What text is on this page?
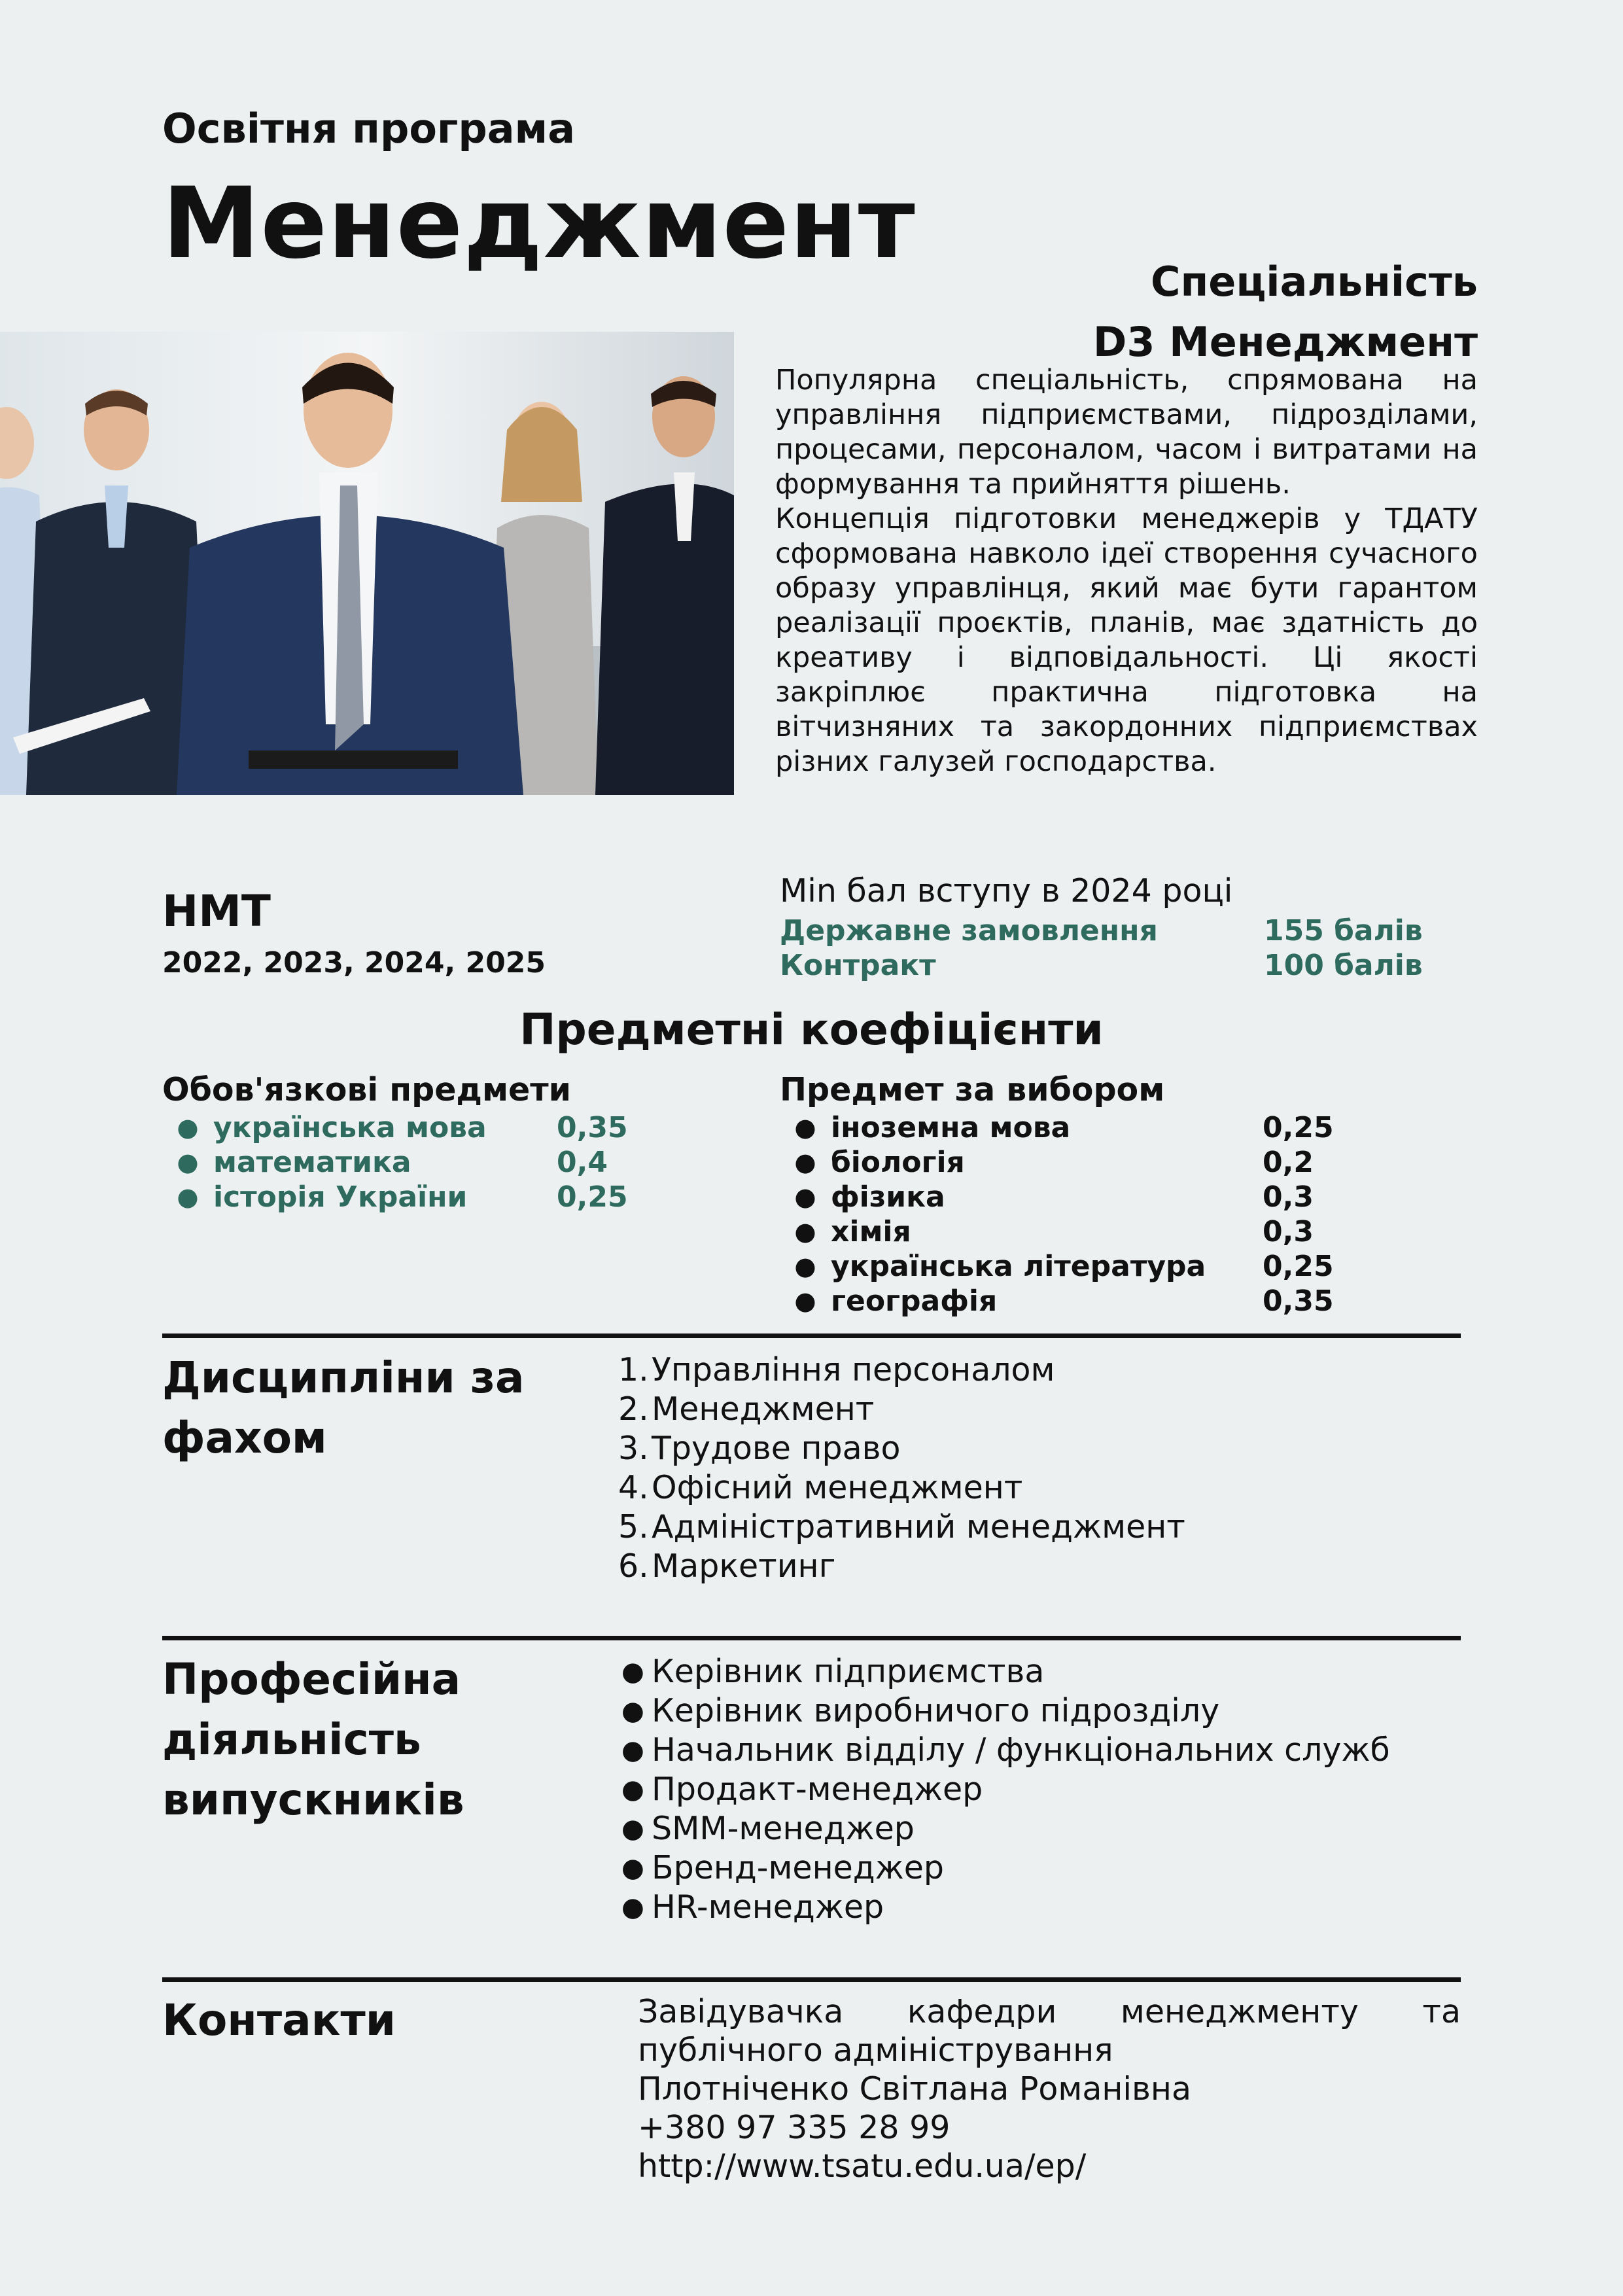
Освітня програма
Менеджмент
Спеціальність
D3 Менеджмент

Популярна спеціальність, спрямована на управління підприємствами, підрозділами, процесами, персоналом, часом і витратами на формування та прийняття рішень.

Концепція підготовки менеджерів у ТДАТУ сформована навколо ідеї створення сучасного образу управлінця, який має бути гарантом реалізації проєктів, планів, має здатність до креативу і відповідальності. Ці якості закріплює практична підготовка на вітчизняних та закордонних підприємствах різних галузей господарства.

НМТ
2022, 2023, 2024, 2025
Min бал вступу в 2024 році
Державне замовлення	155 балів
Контракт	100 балів
Предметні коефіцієнти
Обов'язкові предмети
● українська мова	0,35
● математика	0,4
● історія України	0,25
Предмет за вибором
● іноземна мова	0,25
● біологія	0,2
● фізика	0,3
● хімія	0,3
● українська література	0,25
● географія	0,35
Дисципліни за
фахом
1. Управління персоналом
2. Менеджмент
3. Трудове право
4. Офісний менеджмент
5. Адміністративний менеджмент
6. Маркетинг
Професійна
діяльність
випускників
● Керівник підприємства
● Керівник виробничого підрозділу
● Начальник відділу / функціональних служб
● Продакт-менеджер
● SMM-менеджер
● Бренд-менеджер
● HR-менеджер
Контакти	Завідувачка кафедри менеджменту та
публічного адміністрування
Плотніченко Світлана Романівна
+380 97 335 28 99
http://www.tsatu.edu.ua/ep/
